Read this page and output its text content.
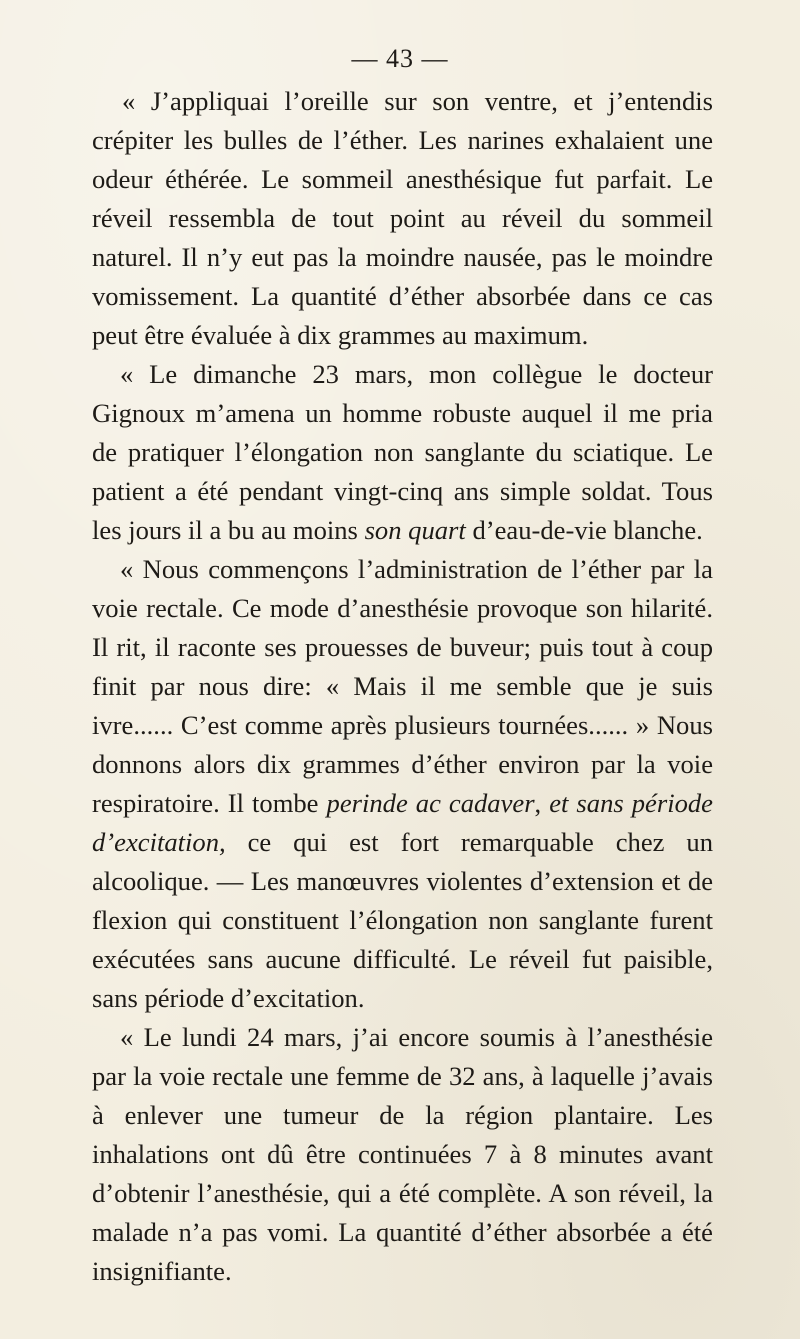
— 43 —

« J’appliquai l’oreille sur son ventre, et j’entendis crépiter les bulles de l’éther. Les narines exhalaient une odeur éthérée. Le sommeil anesthésique fut parfait. Le réveil ressembla de tout point au réveil du sommeil naturel. Il n’y eut pas la moindre nausée, pas le moindre vomissement. La quantité d’éther absorbée dans ce cas peut être évaluée à dix grammes au maximum.

« Le dimanche 23 mars, mon collègue le docteur Gignoux m’amena un homme robuste auquel il me pria de pratiquer l’élongation non sanglante du sciatique. Le patient a été pendant vingt-cinq ans simple soldat. Tous les jours il a bu au moins son quart d’eau-de-vie blanche.

« Nous commençons l’administration de l’éther par la voie rectale. Ce mode d’anesthésie provoque son hilarité. Il rit, il raconte ses prouesses de buveur; puis tout à coup finit par nous dire: « Mais il me semble que je suis ivre...... C’est comme après plusieurs tournées...... » Nous donnons alors dix grammes d’éther environ par la voie respiratoire. Il tombe perinde ac cadaver, et sans période d’excitation, ce qui est fort remarquable chez un alcoolique. — Les manœuvres violentes d’extension et de flexion qui constituent l’élongation non sanglante furent exécutées sans aucune difficulté. Le réveil fut paisible, sans période d’excitation.

« Le lundi 24 mars, j’ai encore soumis à l’anesthésie par la voie rectale une femme de 32 ans, à laquelle j’avais à enlever une tumeur de la région plantaire. Les inhalations ont dû être continuées 7 à 8 minutes avant d’obtenir l’anesthésie, qui a été complète. A son réveil, la malade n’a pas vomi. La quantité d’éther absorbée a été insignifiante.
